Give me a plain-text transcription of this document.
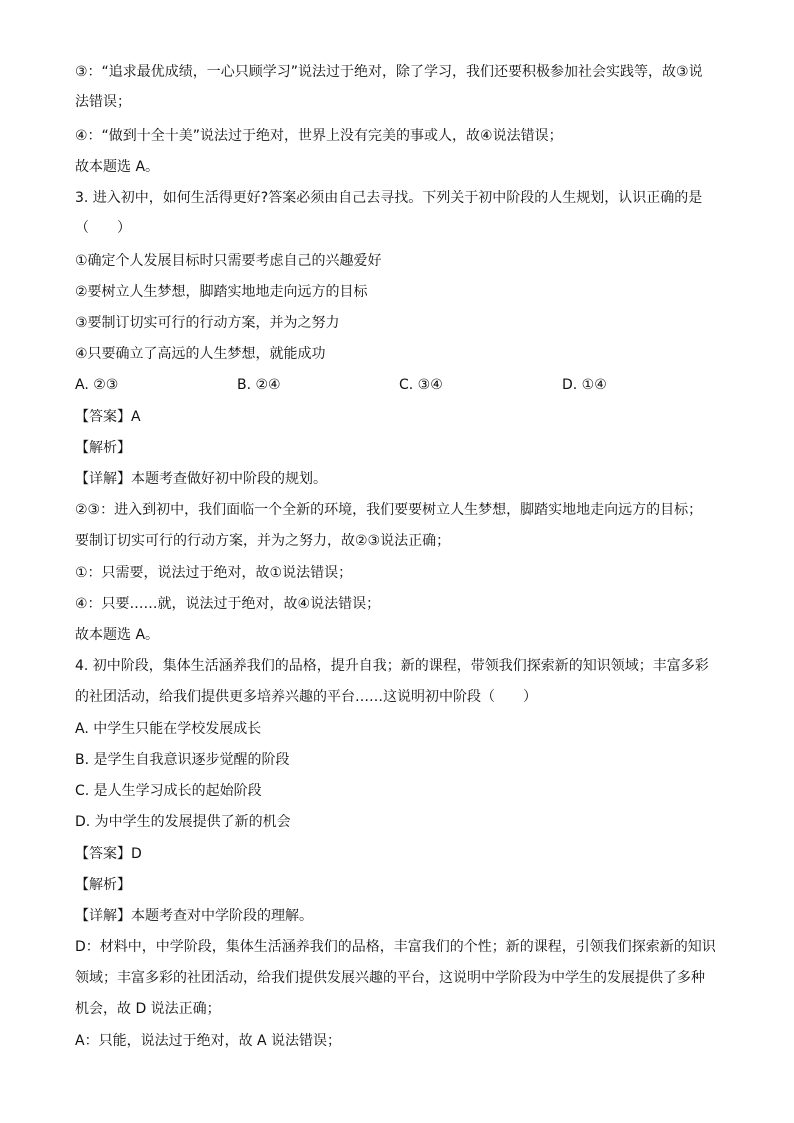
③：“追求最优成绩，一心只顾学习”说法过于绝对，除了学习，我们还要积极参加社会实践等，故③说
法错误；
④：“做到十全十美”说法过于绝对，世界上没有完美的事或人，故④说法错误；
故本题选 A。
3. 进入初中，如何生活得更好?答案必须由自己去寻找。下列关于初中阶段的人生规划，认识正确的是
（　　）
①确定个人发展目标时只需要考虑自己的兴趣爱好
②要树立人生梦想，脚踏实地地走向远方的目标
③要制订切实可行的行动方案，并为之努力
④只要确立了高远的人生梦想，就能成功
A. ②③	B. ②④	C. ③④	D. ①④
【答案】A
【解析】
【详解】本题考查做好初中阶段的规划。
②③：进入到初中，我们面临一个全新的环境，我们要要树立人生梦想，脚踏实地地走向远方的目标；
要制订切实可行的行动方案，并为之努力，故②③说法正确；
①：只需要，说法过于绝对，故①说法错误；
④：只要……就，说法过于绝对，故④说法错误；
故本题选 A。
4. 初中阶段，集体生活涵养我们的品格，提升自我；新的课程，带领我们探索新的知识领域；丰富多彩
的社团活动，给我们提供更多培养兴趣的平台……这说明初中阶段（　　）
A. 中学生只能在学校发展成长
B. 是学生自我意识逐步觉醒的阶段
C. 是人生学习成长的起始阶段
D. 为中学生的发展提供了新的机会
【答案】D
【解析】
【详解】本题考查对中学阶段的理解。
D：材料中，中学阶段，集体生活涵养我们的品格，丰富我们的个性；新的课程，引领我们探索新的知识
领域；丰富多彩的社团活动，给我们提供发展兴趣的平台，这说明中学阶段为中学生的发展提供了多种
机会，故 D 说法正确；
A：只能，说法过于绝对，故 A 说法错误；
